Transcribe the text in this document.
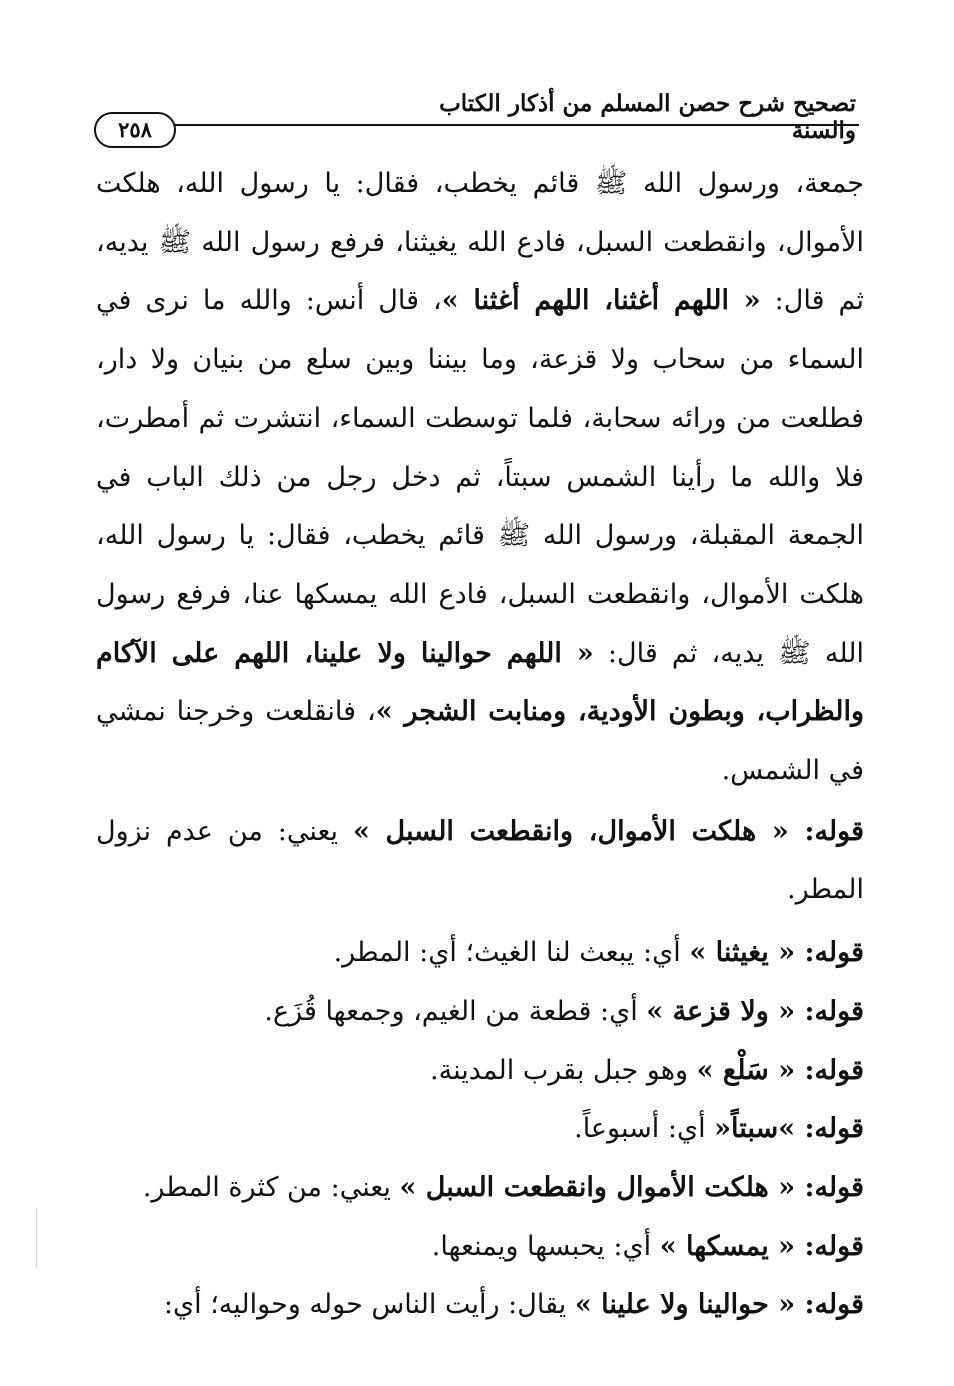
تصحيح شرح حصن المسلم من أذكار الكتاب والسنة
٢٥٨

جمعة، ورسول الله ﷺ قائم يخطب، فقال: يا رسول الله، هلكت الأموال، وانقطعت السبل، فادع الله يغيثنا، فرفع رسول الله ﷺ يديه، ثم قال: « اللهم أغثنا، اللهم أغثنا »، قال أنس: والله ما نرى في السماء من سحاب ولا قزعة، وما بيننا وبين سلع من بنيان ولا دار، فطلعت من ورائه سحابة، فلما توسطت السماء، انتشرت ثم أمطرت، فلا والله ما رأينا الشمس سبتاً، ثم دخل رجل من ذلك الباب في الجمعة المقبلة، ورسول الله ﷺ قائم يخطب، فقال: يا رسول الله، هلكت الأموال، وانقطعت السبل، فادع الله يمسكها عنا، فرفع رسول الله ﷺ يديه، ثم قال: « اللهم حوالينا ولا علينا، اللهم على الآكام والظراب، وبطون الأودية، ومنابت الشجر »، فانقلعت وخرجنا نمشي في الشمس.

قوله: « هلكت الأموال، وانقطعت السبل » يعني: من عدم نزول المطر.

قوله: « يغيثنا » أي: يبعث لنا الغيث؛ أي: المطر.

قوله: « ولا قزعة » أي: قطعة من الغيم، وجمعها قُزَع.

قوله: « سَلْع » وهو جبل بقرب المدينة.

قوله: »سبتاً« أي: أسبوعاً.

قوله: « هلكت الأموال وانقطعت السبل » يعني: من كثرة المطر.

قوله: « يمسكها » أي: يحبسها ويمنعها.

قوله: « حوالينا ولا علينا » يقال: رأيت الناس حوله وحواليه؛ أي:
